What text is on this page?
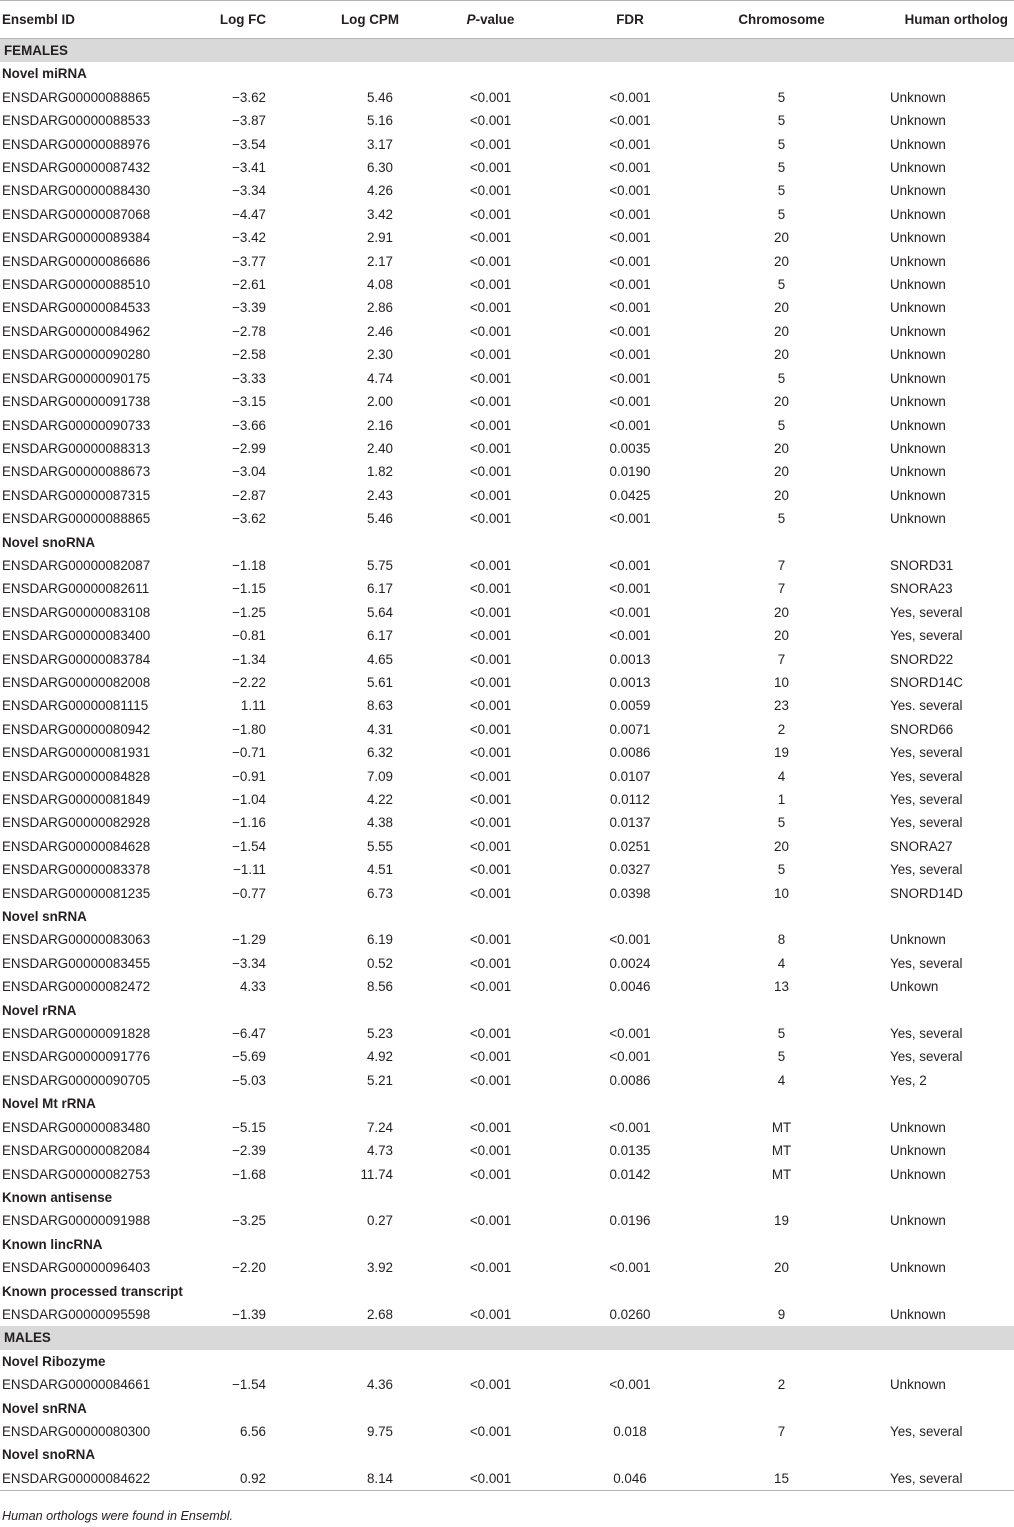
Ensembl ID	Log FC	Log CPM	P-value	FDR	Chromosome	Human ortholog
FEMALES						
Novel miRNA						
ENSDARG00000088865	−3.62	5.46	<0.001	<0.001	5	Unknown
ENSDARG00000088533	−3.87	5.16	<0.001	<0.001	5	Unknown
ENSDARG00000088976	−3.54	3.17	<0.001	<0.001	5	Unknown
ENSDARG00000087432	−3.41	6.30	<0.001	<0.001	5	Unknown
ENSDARG00000088430	−3.34	4.26	<0.001	<0.001	5	Unknown
ENSDARG00000087068	−4.47	3.42	<0.001	<0.001	5	Unknown
ENSDARG00000089384	−3.42	2.91	<0.001	<0.001	20	Unknown
ENSDARG00000086686	−3.77	2.17	<0.001	<0.001	20	Unknown
ENSDARG00000088510	−2.61	4.08	<0.001	<0.001	5	Unknown
ENSDARG00000084533	−3.39	2.86	<0.001	<0.001	20	Unknown
ENSDARG00000084962	−2.78	2.46	<0.001	<0.001	20	Unknown
ENSDARG00000090280	−2.58	2.30	<0.001	<0.001	20	Unknown
ENSDARG00000090175	−3.33	4.74	<0.001	<0.001	5	Unknown
ENSDARG00000091738	−3.15	2.00	<0.001	<0.001	20	Unknown
ENSDARG00000090733	−3.66	2.16	<0.001	<0.001	5	Unknown
ENSDARG00000088313	−2.99	2.40	<0.001	0.0035	20	Unknown
ENSDARG00000088673	−3.04	1.82	<0.001	0.0190	20	Unknown
ENSDARG00000087315	−2.87	2.43	<0.001	0.0425	20	Unknown
ENSDARG00000088865	−3.62	5.46	<0.001	<0.001	5	Unknown
Novel snoRNA						
ENSDARG00000082087	−1.18	5.75	<0.001	<0.001	7	SNORD31
ENSDARG00000082611	−1.15	6.17	<0.001	<0.001	7	SNORA23
ENSDARG00000083108	−1.25	5.64	<0.001	<0.001	20	Yes, several
ENSDARG00000083400	−0.81	6.17	<0.001	<0.001	20	Yes, several
ENSDARG00000083784	−1.34	4.65	<0.001	0.0013	7	SNORD22
ENSDARG00000082008	−2.22	5.61	<0.001	0.0013	10	SNORD14C
ENSDARG00000081115	1.11	8.63	<0.001	0.0059	23	Yes. several
ENSDARG00000080942	−1.80	4.31	<0.001	0.0071	2	SNORD66
ENSDARG00000081931	−0.71	6.32	<0.001	0.0086	19	Yes, several
ENSDARG00000084828	−0.91	7.09	<0.001	0.0107	4	Yes, several
ENSDARG00000081849	−1.04	4.22	<0.001	0.0112	1	Yes, several
ENSDARG00000082928	−1.16	4.38	<0.001	0.0137	5	Yes, several
ENSDARG00000084628	−1.54	5.55	<0.001	0.0251	20	SNORA27
ENSDARG00000083378	−1.11	4.51	<0.001	0.0327	5	Yes, several
ENSDARG00000081235	−0.77	6.73	<0.001	0.0398	10	SNORD14D
Novel snRNA						
ENSDARG00000083063	−1.29	6.19	<0.001	<0.001	8	Unknown
ENSDARG00000083455	−3.34	0.52	<0.001	0.0024	4	Yes, several
ENSDARG00000082472	4.33	8.56	<0.001	0.0046	13	Unkown
Novel rRNA						
ENSDARG00000091828	−6.47	5.23	<0.001	<0.001	5	Yes, several
ENSDARG00000091776	−5.69	4.92	<0.001	<0.001	5	Yes, several
ENSDARG00000090705	−5.03	5.21	<0.001	0.0086	4	Yes, 2
Novel Mt rRNA						
ENSDARG00000083480	−5.15	7.24	<0.001	<0.001	MT	Unknown
ENSDARG00000082084	−2.39	4.73	<0.001	0.0135	MT	Unknown
ENSDARG00000082753	−1.68	11.74	<0.001	0.0142	MT	Unknown
Known antisense						
ENSDARG00000091988	−3.25	0.27	<0.001	0.0196	19	Unknown
Known lincRNA						
ENSDARG00000096403	−2.20	3.92	<0.001	<0.001	20	Unknown
Known processed transcript						
ENSDARG00000095598	−1.39	2.68	<0.001	0.0260	9	Unknown
MALES						
Novel Ribozyme						
ENSDARG00000084661	−1.54	4.36	<0.001	<0.001	2	Unknown
Novel snRNA						
ENSDARG00000080300	6.56	9.75	<0.001	0.018	7	Yes, several
Novel snoRNA						
ENSDARG00000084622	0.92	8.14	<0.001	0.046	15	Yes, several
Human orthologs were found in Ensembl.
